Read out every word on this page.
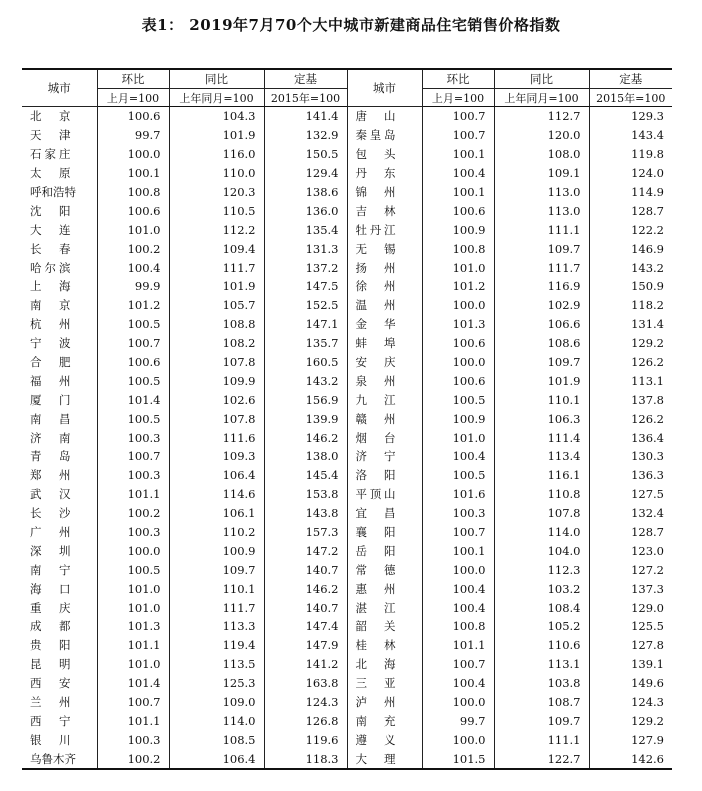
表1： 2019年7月70个大中城市新建商品住宅销售价格指数
城市	环比	同比	定基	城市	环比	同比	定基
	上月=100	上年同月=100	2015年=100		上月=100	上年同月=100	2015年=100
北京	100.6	104.3	141.4	唐山	100.7	112.7	129.3
天津	99.7	101.9	132.9	秦皇岛	100.7	120.0	143.4
石家庄	100.0	116.0	150.5	包头	100.1	108.0	119.8
太原	100.1	110.0	129.4	丹东	100.4	109.1	124.0
呼和浩特	100.8	120.3	138.6	锦州	100.1	113.0	114.9
沈阳	100.6	110.5	136.0	吉林	100.6	113.0	128.7
大连	101.0	112.2	135.4	牡丹江	100.9	111.1	122.2
长春	100.2	109.4	131.3	无锡	100.8	109.7	146.9
哈尔滨	100.4	111.7	137.2	扬州	101.0	111.7	143.2
上海	99.9	101.9	147.5	徐州	101.2	116.9	150.9
南京	101.2	105.7	152.5	温州	100.0	102.9	118.2
杭州	100.5	108.8	147.1	金华	101.3	106.6	131.4
宁波	100.7	108.2	135.7	蚌埠	100.6	108.6	129.2
合肥	100.6	107.8	160.5	安庆	100.0	109.7	126.2
福州	100.5	109.9	143.2	泉州	100.6	101.9	113.1
厦门	101.4	102.6	156.9	九江	100.5	110.1	137.8
南昌	100.5	107.8	139.9	赣州	100.9	106.3	126.2
济南	100.3	111.6	146.2	烟台	101.0	111.4	136.4
青岛	100.7	109.3	138.0	济宁	100.4	113.4	130.3
郑州	100.3	106.4	145.4	洛阳	100.5	116.1	136.3
武汉	101.1	114.6	153.8	平顶山	101.6	110.8	127.5
长沙	100.2	106.1	143.8	宜昌	100.3	107.8	132.4
广州	100.3	110.2	157.3	襄阳	100.7	114.0	128.7
深圳	100.0	100.9	147.2	岳阳	100.1	104.0	123.0
南宁	100.5	109.7	140.7	常德	100.0	112.3	127.2
海口	101.0	110.1	146.2	惠州	100.4	103.2	137.3
重庆	101.0	111.7	140.7	湛江	100.4	108.4	129.0
成都	101.3	113.3	147.4	韶关	100.8	105.2	125.5
贵阳	101.1	119.4	147.9	桂林	101.1	110.6	127.8
昆明	101.0	113.5	141.2	北海	100.7	113.1	139.1
西安	101.4	125.3	163.8	三亚	100.4	103.8	149.6
兰州	100.7	109.0	124.3	泸州	100.0	108.7	124.3
西宁	101.1	114.0	126.8	南充	99.7	109.7	129.2
银川	100.3	108.5	119.6	遵义	100.0	111.1	127.9
乌鲁木齐	100.2	106.4	118.3	大理	101.5	122.7	142.6
